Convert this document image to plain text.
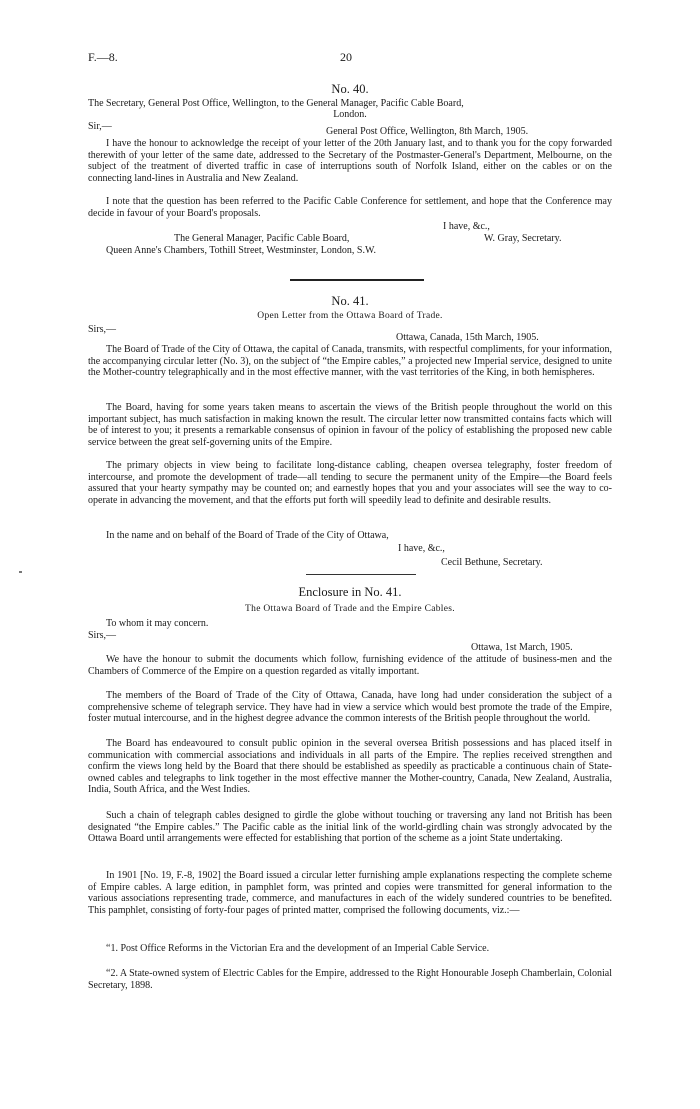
F.—8.	20
No. 40.
The Secretary, General Post Office, Wellington, to the General Manager, Pacific Cable Board,
London.
Sir,—	General Post Office, Wellington, 8th March, 1905.
I have the honour to acknowledge the receipt of your letter of the 20th January last, and to thank you for the copy forwarded therewith of your letter of the same date, addressed to the Secretary of the Postmaster-General's Department, Melbourne, on the subject of the treatment of diverted traffic in case of interruptions south of Norfolk Island, either on the cables or on the connecting land-lines in Australia and New Zealand.
I note that the question has been referred to the Pacific Cable Conference for settlement, and hope that the Conference may decide in favour of your Board's proposals.
I have, &c.,
The General Manager, Pacific Cable Board,	W. Gray, Secretary.
Queen Anne's Chambers, Tothill Street, Westminster, London, S.W.
No. 41.
Open Letter from the Ottawa Board of Trade.
Sirs,—
Ottawa, Canada, 15th March, 1905.
The Board of Trade of the City of Ottawa, the capital of Canada, transmits, with respectful compliments, for your information, the accompanying circular letter (No. 3), on the subject of “the Empire cables,” a projected new Imperial service, designed to unite the Mother-country telegraphically and in the most effective manner, with the vast territories of the King, in both hemispheres.
The Board, having for some years taken means to ascertain the views of the British people throughout the world on this important subject, has much satisfaction in making known the result. The circular letter now transmitted contains facts which will be of interest to you; it presents a remarkable consensus of opinion in favour of the policy of establishing the proposed new cable service between the great self-governing units of the Empire.
The primary objects in view being to facilitate long-distance cabling, cheapen oversea telegraphy, foster freedom of intercourse, and promote the development of trade—all tending to secure the permanent unity of the Empire—the Board feels assured that your hearty sympathy may be counted on; and earnestly hopes that you and your associates will see the way to co-operate in advancing the movement, and that the efforts put forth will speedily lead to definite and desirable results.
In the name and on behalf of the Board of Trade of the City of Ottawa,
I have, &c.,
Cecil Bethune, Secretary.
Enclosure in No. 41.
The Ottawa Board of Trade and the Empire Cables.
To whom it may concern.
Sirs,—
Ottawa, 1st March, 1905.
We have the honour to submit the documents which follow, furnishing evidence of the attitude of business-men and the Chambers of Commerce of the Empire on a question regarded as vitally important.
The members of the Board of Trade of the City of Ottawa, Canada, have long had under consideration the subject of a comprehensive scheme of telegraph service. They have had in view a service which would best promote the trade of the Empire, foster mutual intercourse, and in the highest degree advance the common interests of the British people throughout the world.
The Board has endeavoured to consult public opinion in the several oversea British possessions and has placed itself in communication with commercial associations and individuals in all parts of the Empire. The replies received strengthen and confirm the views long held by the Board that there should be established as speedily as practicable a continuous chain of State-owned cables and telegraphs to link together in the most effective manner the Mother-country, Canada, New Zealand, Australia, India, South Africa, and the West Indies.
Such a chain of telegraph cables designed to girdle the globe without touching or traversing any land not British has been designated “the Empire cables.” The Pacific cable as the initial link of the world-girdling chain was strongly advocated by the Ottawa Board until arrangements were effected for establishing that portion of the scheme as a joint State undertaking.
In 1901 [No. 19, F.-8, 1902] the Board issued a circular letter furnishing ample explanations respecting the complete scheme of Empire cables. A large edition, in pamphlet form, was printed and copies were transmitted for general information to the various associations representing trade, commerce, and manufactures in each of the widely sundered countries to be benefited. This pamphlet, consisting of forty-four pages of printed matter, comprised the following documents, viz.:—
“1. Post Office Reforms in the Victorian Era and the development of an Imperial Cable Service.
“2. A State-owned system of Electric Cables for the Empire, addressed to the Right Honourable Joseph Chamberlain, Colonial Secretary, 1898.
